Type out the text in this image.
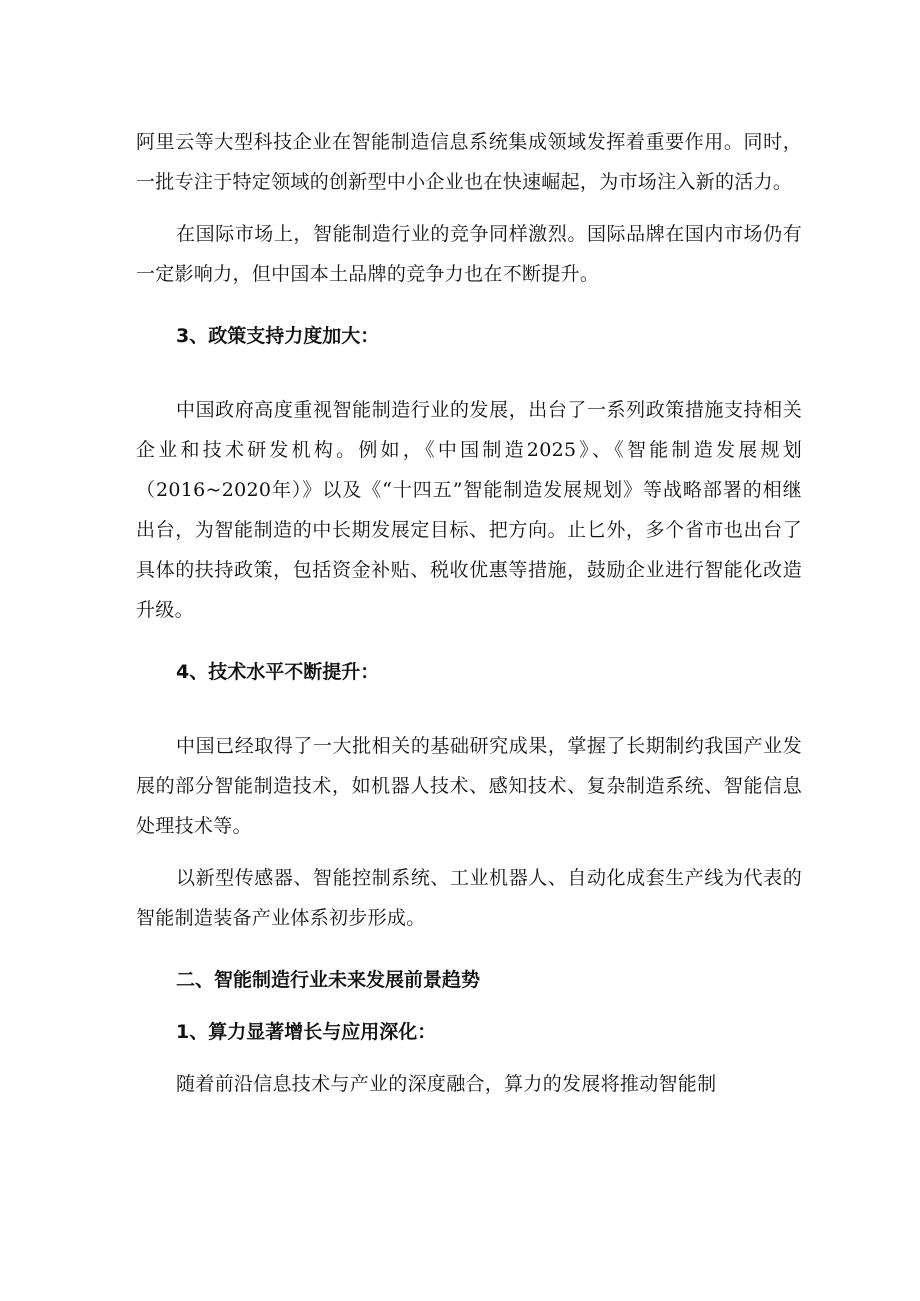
阿里云等大型科技企业在智能制造信息系统集成领域发挥着重要作用。同时，一批专注于特定领域的创新型中小企业也在快速崛起，为市场注入新的活力。

在国际市场上，智能制造行业的竞争同样激烈。国际品牌在国内市场仍有一定影响力，但中国本土品牌的竞争力也在不断提升。

3、政策支持力度加大：

中国政府高度重视智能制造行业的发展，出台了一系列政策措施支持相关企业和技术研发机构。例如，《中国制造2025》、《智能制造发展规划（2016~2020年）》以及《“十四五”智能制造发展规划》等战略部署的相继出台，为智能制造的中长期发展定目标、把方向。止匕外，多个省市也出台了具体的扶持政策，包括资金补贴、税收优惠等措施，鼓励企业进行智能化改造升级。

4、技术水平不断提升：

中国已经取得了一大批相关的基础研究成果，掌握了长期制约我国产业发展的部分智能制造技术，如机器人技术、感知技术、复杂制造系统、智能信息处理技术等。

以新型传感器、智能控制系统、工业机器人、自动化成套生产线为代表的智能制造装备产业体系初步形成。

二、智能制造行业未来发展前景趋势
1、算力显著增长与应用深化：

随着前沿信息技术与产业的深度融合，算力的发展将推动智能制
